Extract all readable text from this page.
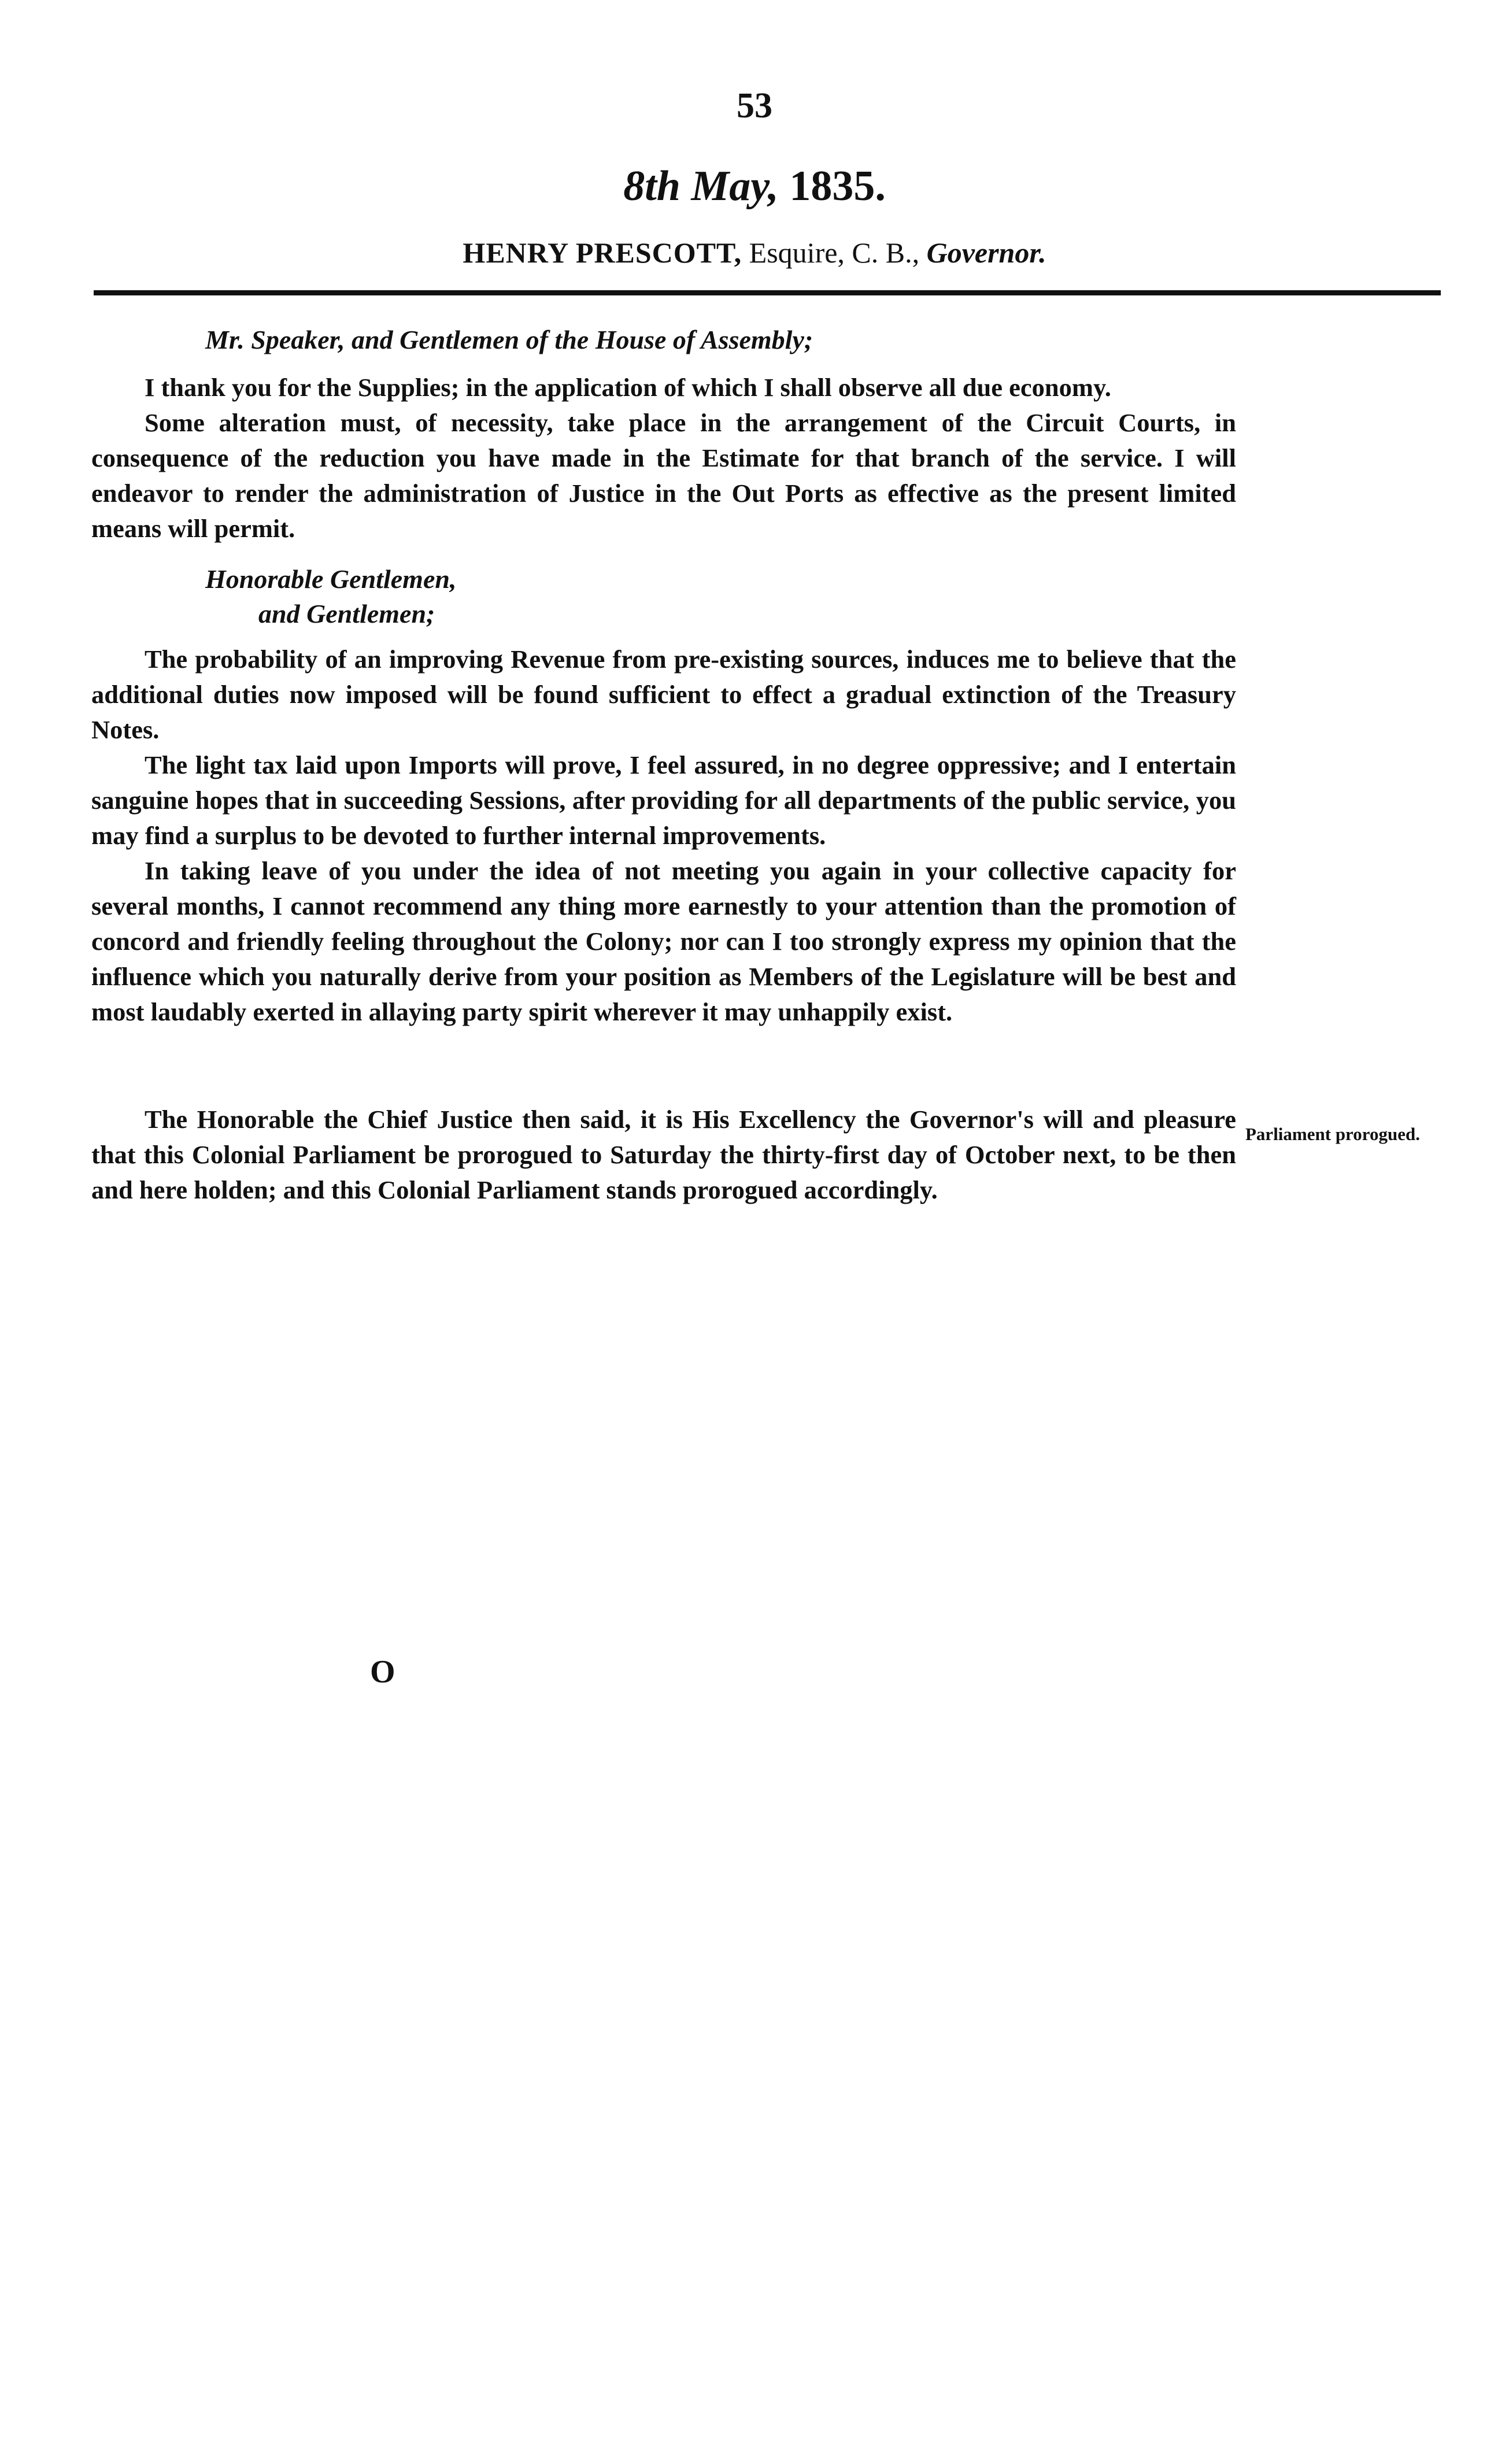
53
8th May, 1835.
HENRY PRESCOTT, Esquire, C. B., Governor.
Mr. Speaker, and Gentlemen of the House of Assembly;

I thank you for the Supplies; in the application of which I shall observe all due economy.

Some alteration must, of necessity, take place in the arrangement of the Circuit Courts, in consequence of the reduction you have made in the Estimate for that branch of the service. I will endeavor to render the administration of Justice in the Out Ports as effective as the present limited means will permit.

Honorable Gentlemen,
and Gentlemen;

The probability of an improving Revenue from pre-existing sources, induces me to believe that the additional duties now imposed will be found sufficient to effect a gradual extinction of the Treasury Notes.

The light tax laid upon Imports will prove, I feel assured, in no degree oppressive; and I entertain sanguine hopes that in succeeding Sessions, after providing for all departments of the public service, you may find a surplus to be devoted to further internal improvements.

In taking leave of you under the idea of not meeting you again in your collective capacity for several months, I cannot recommend any thing more earnestly to your attention than the promotion of concord and friendly feeling throughout the Colony; nor can I too strongly express my opinion that the influence which you naturally derive from your position as Members of the Legislature will be best and most laudably exerted in allaying party spirit wherever it may unhappily exist.

The Honorable the Chief Justice then said, it is His Excellency the Governor's will and pleasure that this Colonial Parliament be prorogued to Saturday the thirty-first day of October next, to be then and here holden; and this Colonial Parliament stands prorogued accordingly.

Parliament prorogued.
O
